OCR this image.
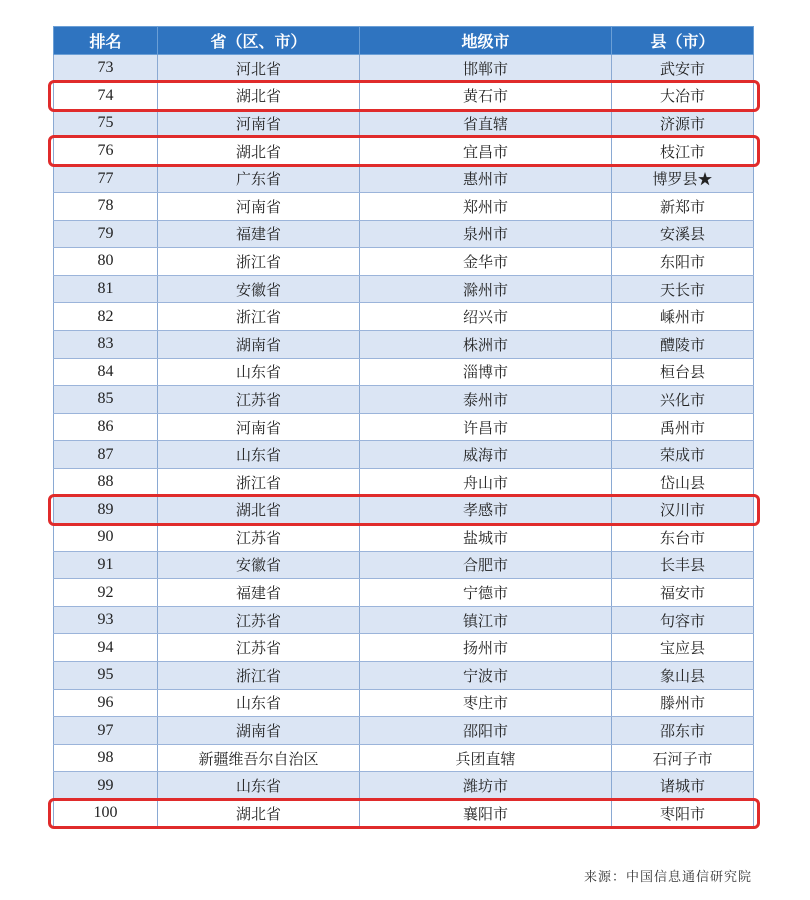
排名	省（区、市）	地级市	县（市）
73	河北省	邯郸市	武安市
74	湖北省	黄石市	大冶市
75	河南省	省直辖	济源市
76	湖北省	宜昌市	枝江市
77	广东省	惠州市	博罗县★
78	河南省	郑州市	新郑市
79	福建省	泉州市	安溪县
80	浙江省	金华市	东阳市
81	安徽省	滁州市	天长市
82	浙江省	绍兴市	嵊州市
83	湖南省	株洲市	醴陵市
84	山东省	淄博市	桓台县
85	江苏省	泰州市	兴化市
86	河南省	许昌市	禹州市
87	山东省	威海市	荣成市
88	浙江省	舟山市	岱山县
89	湖北省	孝感市	汉川市
90	江苏省	盐城市	东台市
91	安徽省	合肥市	长丰县
92	福建省	宁德市	福安市
93	江苏省	镇江市	句容市
94	江苏省	扬州市	宝应县
95	浙江省	宁波市	象山县
96	山东省	枣庄市	滕州市
97	湖南省	邵阳市	邵东市
98	新疆维吾尔自治区	兵团直辖	石河子市
99	山东省	潍坊市	诸城市
100	湖北省	襄阳市	枣阳市
来源：中国信息通信研究院
